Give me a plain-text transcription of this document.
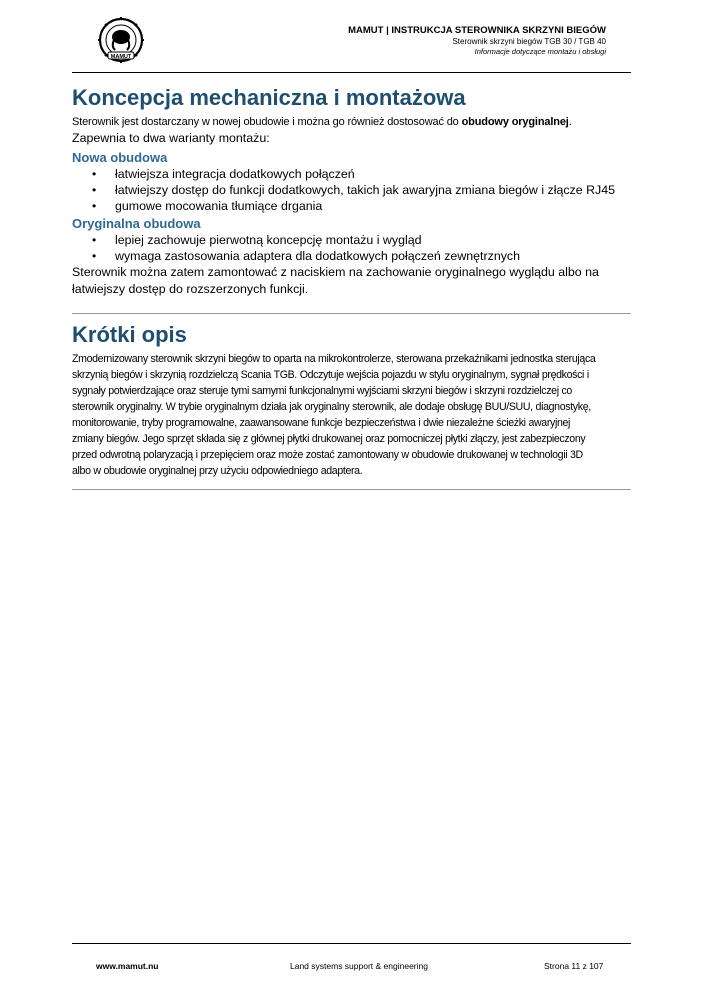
MAMUT
MAMUT | INSTRUKCJA STEROWNIKA SKRZYNI BIEGÓW
Sterownik skrzyni biegów TGB 30 / TGB 40
Informacje dotyczące montażu i obsługi
Koncepcja mechaniczna i montażowa

Sterownik jest dostarczany w nowej obudowie i można go również dostosować do obudowy oryginalnej.

Zapewnia to dwa warianty montażu:

Nowa obudowa
• łatwiejsza integracja dodatkowych połączeń
• łatwiejszy dostęp do funkcji dodatkowych, takich jak awaryjna zmiana biegów i złącze RJ45
• gumowe mocowania tłumiące drgania
Oryginalna obudowa
• lepiej zachowuje pierwotną koncepcję montażu i wygląd
• wymaga zastosowania adaptera dla dodatkowych połączeń zewnętrznych

Sterownik można zatem zamontować z naciskiem na zachowanie oryginalnego wyglądu albo na

łatwiejszy dostęp do rozszerzonych funkcji.

Krótki opis

Zmodernizowany sterownik skrzyni biegów to oparta na mikrokontrolerze, sterowana przekaźnikami jednostka sterująca

skrzynią biegów i skrzynią rozdzielczą Scania TGB. Odczytuje wejścia pojazdu w stylu oryginalnym, sygnał prędkości i

sygnały potwierdzające oraz steruje tymi samymi funkcjonalnymi wyjściami skrzyni biegów i skrzyni rozdzielczej co

sterownik oryginalny. W trybie oryginalnym działa jak oryginalny sterownik, ale dodaje obsługę BUU/SUU, diagnostykę,

monitorowanie, tryby programowalne, zaawansowane funkcje bezpieczeństwa i dwie niezależne ścieżki awaryjnej

zmiany biegów. Jego sprzęt składa się z głównej płytki drukowanej oraz pomocniczej płytki złączy, jest zabezpieczony

przed odwrotną polaryzacją i przepięciem oraz może zostać zamontowany w obudowie drukowanej w technologii 3D

albo w obudowie oryginalnej przy użyciu odpowiedniego adaptera.

www.mamut.nu	Land systems support & engineering	Strona 11 z 107
